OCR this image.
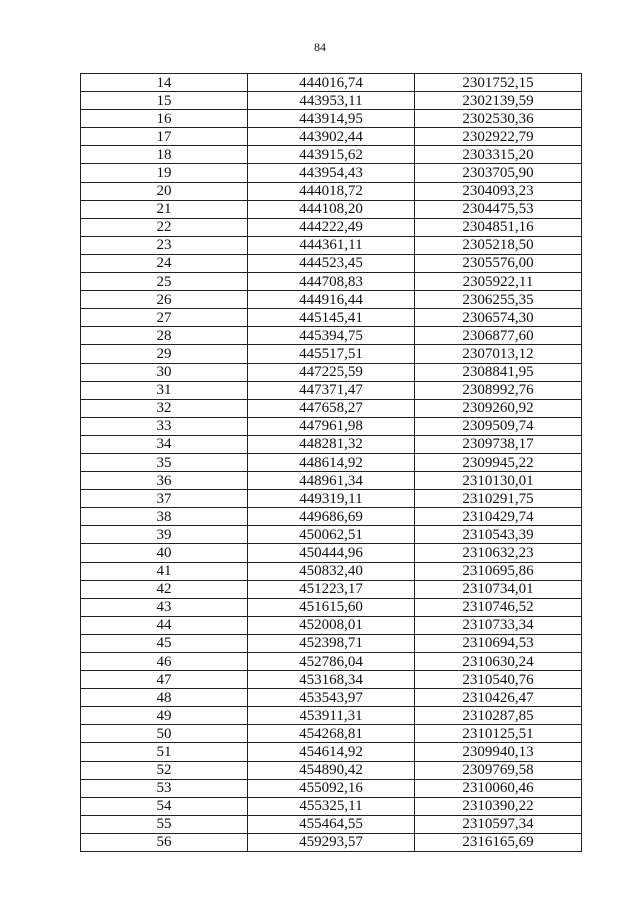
84
14	444016,74	2301752,15
15	443953,11	2302139,59
16	443914,95	2302530,36
17	443902,44	2302922,79
18	443915,62	2303315,20
19	443954,43	2303705,90
20	444018,72	2304093,23
21	444108,20	2304475,53
22	444222,49	2304851,16
23	444361,11	2305218,50
24	444523,45	2305576,00
25	444708,83	2305922,11
26	444916,44	2306255,35
27	445145,41	2306574,30
28	445394,75	2306877,60
29	445517,51	2307013,12
30	447225,59	2308841,95
31	447371,47	2308992,76
32	447658,27	2309260,92
33	447961,98	2309509,74
34	448281,32	2309738,17
35	448614,92	2309945,22
36	448961,34	2310130,01
37	449319,11	2310291,75
38	449686,69	2310429,74
39	450062,51	2310543,39
40	450444,96	2310632,23
41	450832,40	2310695,86
42	451223,17	2310734,01
43	451615,60	2310746,52
44	452008,01	2310733,34
45	452398,71	2310694,53
46	452786,04	2310630,24
47	453168,34	2310540,76
48	453543,97	2310426,47
49	453911,31	2310287,85
50	454268,81	2310125,51
51	454614,92	2309940,13
52	454890,42	2309769,58
53	455092,16	2310060,46
54	455325,11	2310390,22
55	455464,55	2310597,34
56	459293,57	2316165,69
